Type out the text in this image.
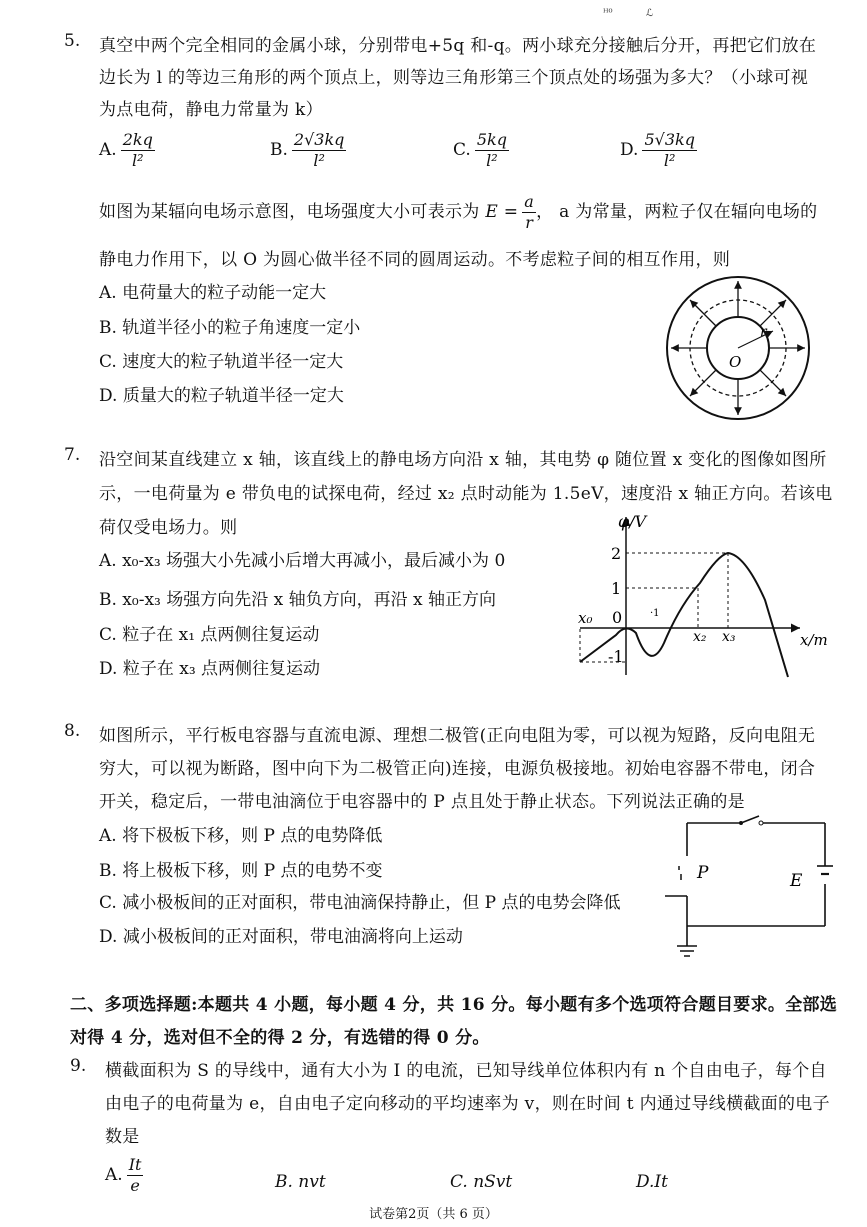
ᴴ⁰	ℒ
5. 真空中两个完全相同的金属小球，分别带电+5q 和-q。两小球充分接触后分开，再把它们放在
边长为 l 的等边三角形的两个顶点上，则等边三角形第三个顶点处的场强为多大？（小球可视
为点电荷，静电力常量为 k）
A. $\frac{2kq}{\text{l²}}$	B. $\frac{2√3kq}{\text{l²}}$	C. $\frac{5kq}{\text{l²}}$	D. $\frac{5√3kq}{\text{l²}}$
如图为某辐向电场示意图，电场强度大小可表示为 $E = \frac{a}{r}$ ， a 为常量，两粒子仅在辐向电场的
静电力作用下，以 O 为圆心做半径不同的圆周运动。不考虑粒子间的相互作用，则
A. 电荷量大的粒子动能一定大
B. 轨道半径小的粒子角速度一定小
C. 速度大的粒子轨道半径一定大
D. 质量大的粒子轨道半径一定大
r
O
7. 沿空间某直线建立 x 轴，该直线上的静电场方向沿 x 轴，其电势 φ 随位置 x 变化的图像如图所
示，一电荷量为 e 带负电的试探电荷，经过 x₂ 点时动能为 1.5eV，速度沿 x 轴正方向。若该电
荷仅受电场力。则
A. x₀-x₃ 场强大小先减小后增大再减小，最后减小为 0
B. x₀-x₃ 场强方向先沿 x 轴负方向，再沿 x 轴正方向
C. 粒子在 x₁ 点两侧往复运动
D. 粒子在 x₃ 点两侧往复运动
φ/V
x/m
2
1
0
-1
x₀
x₂ x₃
·1
8. 如图所示，平行板电容器与直流电源、理想二极管(正向电阻为零，可以视为短路，反向电阻无
穷大，可以视为断路，图中向下为二极管正向)连接，电源负极接地。初始电容器不带电，闭合
开关，稳定后，一带电油滴位于电容器中的 P 点且处于静止状态。下列说法正确的是
A. 将下极板下移，则 P 点的电势降低
B. 将上极板下移，则 P 点的电势不变
C. 减小极板间的正对面积，带电油滴保持静止，但 P 点的电势会降低
D. 减小极板间的正对面积，带电油滴将向上运动
P	E
二、多项选择题:本题共 4 小题，每小题 4 分，共 16 分。每小题有多个选项符合题目要求。全部选
对得 4 分，选对但不全的得 2 分，有选错的得 0 分。
9. 横截面积为 S 的导线中，通有大小为 I 的电流，已知导线单位体积内有 n 个自由电子，每个自
由电子的电荷量为 e，自由电子定向移动的平均速率为 v，则在时间 t 内通过导线横截面的电子
数是
A. $\frac{It}{e}$	B. nvt	C. nSvt	D.It
试卷第2页（共 6 页）
